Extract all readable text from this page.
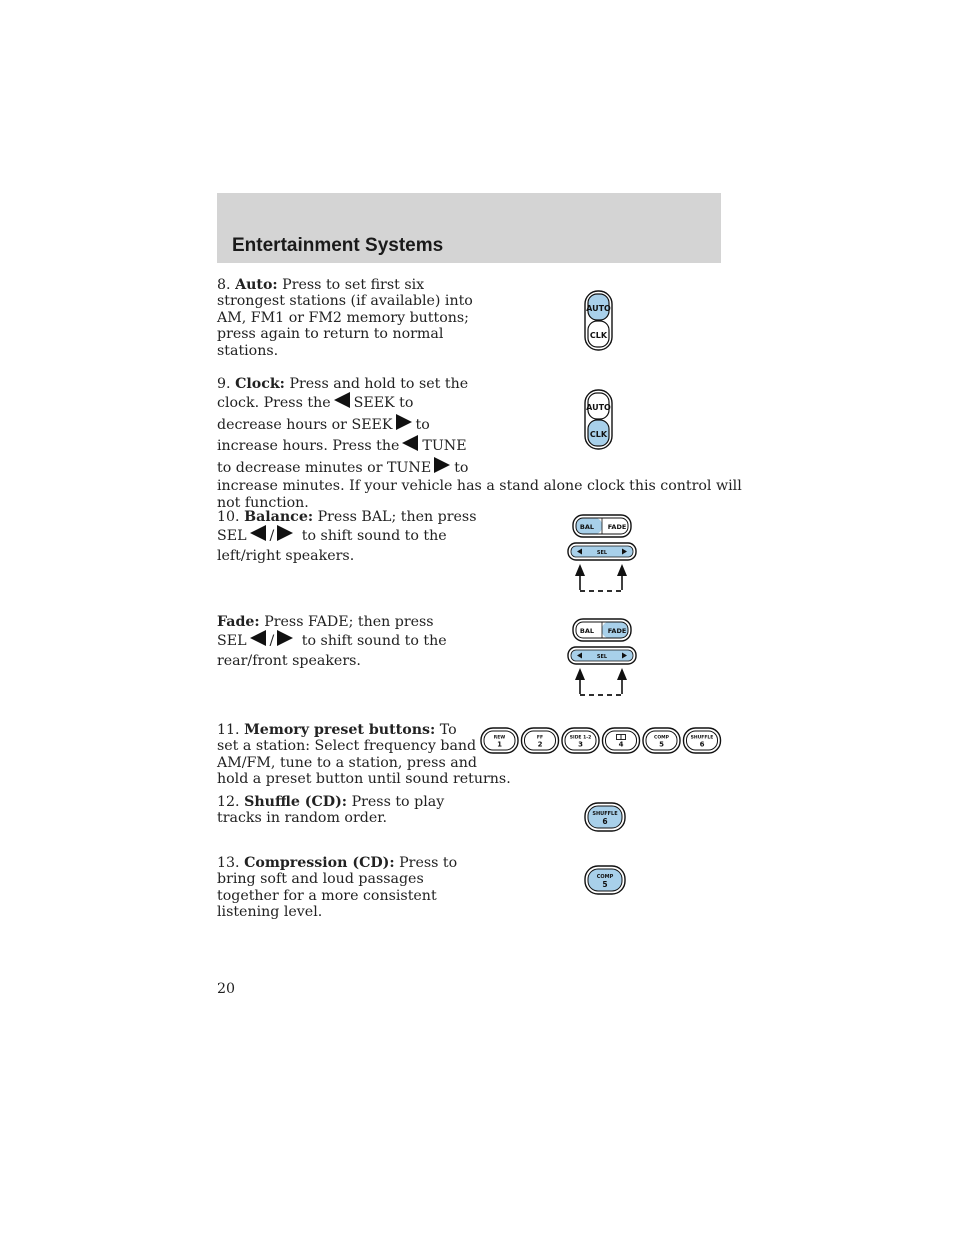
Entertainment Systems

8. Auto: Press to set first six
strongest stations (if available) into
AM, FM1 or FM2 memory buttons;
press again to return to normal
stations.

AUTO
CLK

9. Clock: Press and hold to set the
clock. Press the SEEK to
decrease hours or SEEK to
increase hours. Press the TUNE
to decrease minutes or TUNE to
increase minutes. If your vehicle has a stand alone clock this control will
not function.

AUTO
CLK

10. Balance: Press BAL; then press
SEL / to shift sound to the
left/right speakers.

BAL FADE
SEL

Fade: Press FADE; then press
SEL / to shift sound to the
rear/front speakers.

BAL FADE
SEL

11. Memory preset buttons: To
set a station: Select frequency band
AM/FM, tune to a station, press and
hold a preset button until sound returns.

REW
1
FF
2
SIDE 1-2
3	4
COMP
5
SHUFFLE
6

12. Shuffle (CD): Press to play
tracks in random order.	SHUFFLE
6

13. Compression (CD): Press to
bring soft and loud passages
together for a more consistent
listening level.

COMP
5
20
